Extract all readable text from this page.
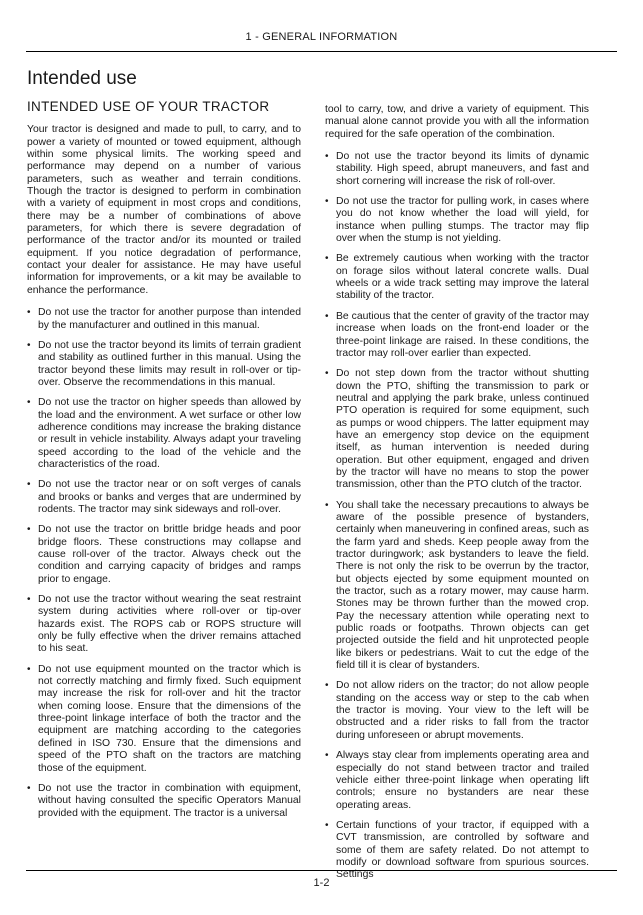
1 - GENERAL INFORMATION
Intended use
INTENDED USE OF YOUR TRACTOR

Your tractor is designed and made to pull, to carry, and to power a variety of mounted or towed equipment, although within some physical limits. The working speed and performance may depend on a number of various parameters, such as weather and terrain conditions. Though the tractor is designed to perform in combination with a variety of equipment in most crops and conditions, there may be a number of combinations of above parameters, for which there is severe degradation of performance of the tractor and/or its mounted or trailed equipment. If you notice degradation of performance, contact your dealer for assistance. He may have useful information for improvements, or a kit may be available to enhance the performance.

• Do not use the tractor for another purpose than intended by the manufacturer and outlined in this manual.
• Do not use the tractor beyond its limits of terrain gradient and stability as outlined further in this manual. Using the tractor beyond these limits may result in roll-over or tip-over. Observe the recommendations in this manual.
• Do not use the tractor on higher speeds than allowed by the load and the environment. A wet surface or other low adherence conditions may increase the braking distance or result in vehicle instability. Always adapt your traveling speed according to the load of the vehicle and the characteristics of the road.
• Do not use the tractor near or on soft verges of canals and brooks or banks and verges that are undermined by rodents. The tractor may sink sideways and roll-over.
• Do not use the tractor on brittle bridge heads and poor bridge floors. These constructions may collapse and cause roll-over of the tractor. Always check out the condition and carrying capacity of bridges and ramps prior to engage.
• Do not use the tractor without wearing the seat restraint system during activities where roll-over or tip-over hazards exist. The ROPS cab or ROPS structure will only be fully effective when the driver remains attached to his seat.
• Do not use equipment mounted on the tractor which is not correctly matching and firmly fixed. Such equipment may increase the risk for roll-over and hit the tractor when coming loose. Ensure that the dimensions of the three-point linkage interface of both the tractor and the equipment are matching according to the categories defined in ISO 730. Ensure that the dimensions and speed of the PTO shaft on the tractors are matching those of the equipment.
• Do not use the tractor in combination with equipment, without having consulted the specific Operators Manual provided with the equipment. The tractor is a universal

tool to carry, tow, and drive a variety of equipment. This manual alone cannot provide you with all the information required for the safe operation of the combination.

• Do not use the tractor beyond its limits of dynamic stability. High speed, abrupt maneuvers, and fast and short cornering will increase the risk of roll-over.
• Do not use the tractor for pulling work, in cases where you do not know whether the load will yield, for instance when pulling stumps. The tractor may flip over when the stump is not yielding.
• Be extremely cautious when working with the tractor on forage silos without lateral concrete walls. Dual wheels or a wide track setting may improve the lateral stability of the tractor.
• Be cautious that the center of gravity of the tractor may increase when loads on the front-end loader or the three-point linkage are raised. In these conditions, the tractor may roll-over earlier than expected.
• Do not step down from the tractor without shutting down the PTO, shifting the transmission to park or neutral and applying the park brake, unless continued PTO operation is required for some equipment, such as pumps or wood chippers. The latter equipment may have an emergency stop device on the equipment itself, as human intervention is needed during operation. But other equipment, engaged and driven by the tractor will have no means to stop the power transmission, other than the PTO clutch of the tractor.
• You shall take the necessary precautions to always be aware of the possible presence of bystanders, certainly when maneuvering in confined areas, such as the farm yard and sheds. Keep people away from the tractor duringwork; ask bystanders to leave the field. There is not only the risk to be overrun by the tractor, but objects ejected by some equipment mounted on the tractor, such as a rotary mower, may cause harm. Stones may be thrown further than the mowed crop. Pay the necessary attention while operating next to public roads or footpaths. Thrown objects can get projected outside the field and hit unprotected people like bikers or pedestrians. Wait to cut the edge of the field till it is clear of bystanders.
• Do not allow riders on the tractor; do not allow people standing on the access way or step to the cab when the tractor is moving. Your view to the left will be obstructed and a rider risks to fall from the tractor during unforeseen or abrupt movements.
• Always stay clear from implements operating area and especially do not stand between tractor and trailed vehicle either three-point linkage when operating lift controls; ensure no bystanders are near these operating areas.
• Certain functions of your tractor, if equipped with a CVT transmission, are controlled by software and some of them are safety related. Do not attempt to modify or download software from spurious sources. Settings
1-2
